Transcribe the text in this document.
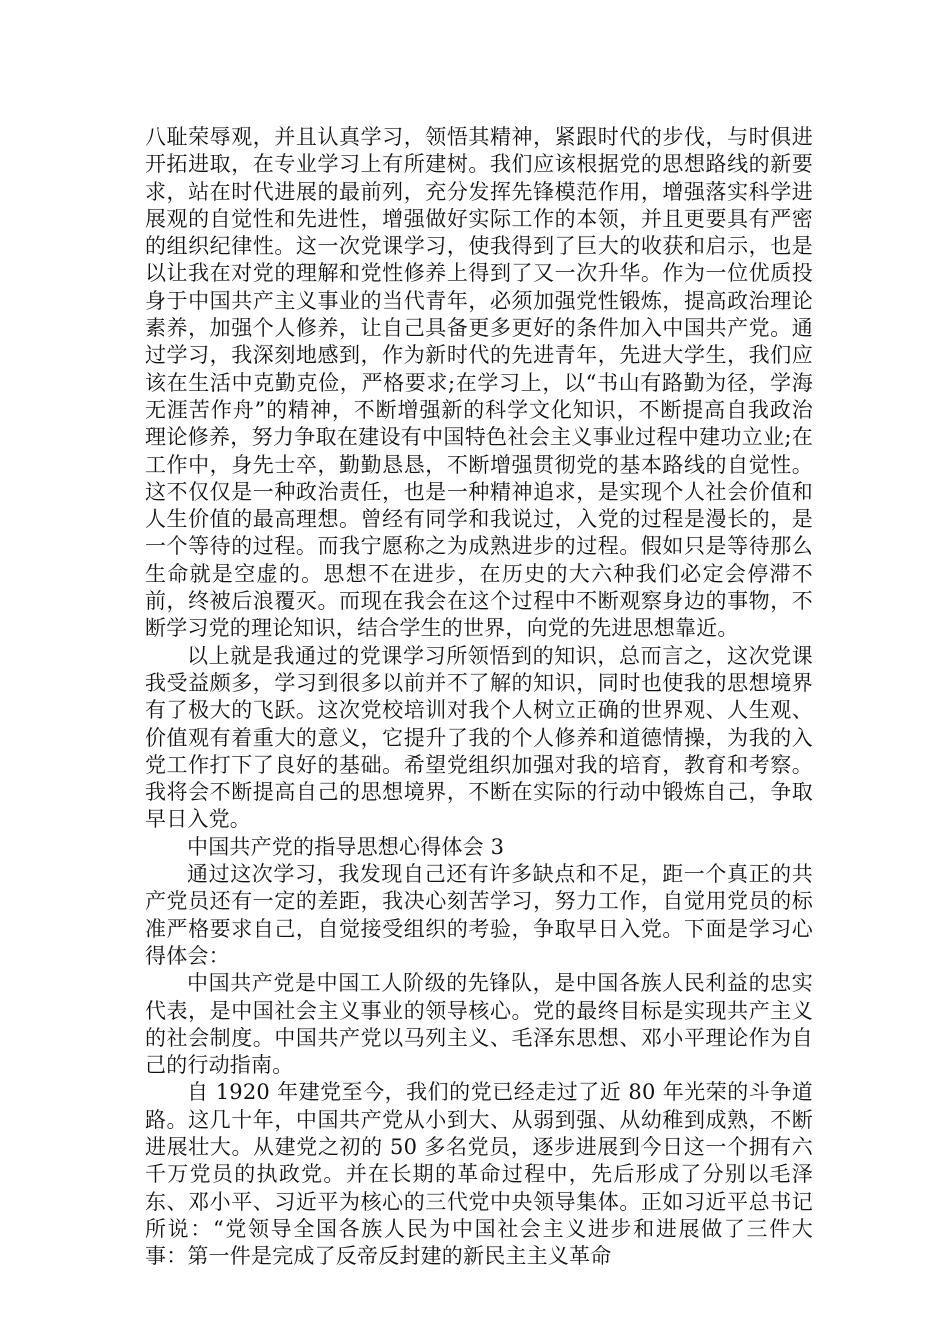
八耻荣辱观，并且认真学习，领悟其精神，紧跟时代的步伐，与时俱进开拓进取，在专业学习上有所建树。我们应该根据党的思想路线的新要求，站在时代进展的最前列，充分发挥先锋模范作用，增强落实科学进展观的自觉性和先进性，增强做好实际工作的本领，并且更要具有严密的组织纪律性。这一次党课学习，使我得到了巨大的收获和启示，也是以让我在对党的理解和党性修养上得到了又一次升华。作为一位优质投身于中国共产主义事业的当代青年，必须加强党性锻炼，提高政治理论素养，加强个人修养，让自己具备更多更好的条件加入中国共产党。通过学习，我深刻地感到，作为新时代的先进青年，先进大学生，我们应该在生活中克勤克俭，严格要求;在学习上，以“书山有路勤为径，学海无涯苦作舟”的精神，不断增强新的科学文化知识，不断提高自我政治理论修养，努力争取在建设有中国特色社会主义事业过程中建功立业;在工作中，身先士卒，勤勤恳恳，不断增强贯彻党的基本路线的自觉性。这不仅仅是一种政治责任，也是一种精神追求，是实现个人社会价值和人生价值的最高理想。曾经有同学和我说过，入党的过程是漫长的，是一个等待的过程。而我宁愿称之为成熟进步的过程。假如只是等待那么生命就是空虚的。思想不在进步，在历史的大六种我们必定会停滞不前，终被后浪覆灭。而现在我会在这个过程中不断观察身边的事物，不断学习党的理论知识，结合学生的世界，向党的先进思想靠近。

以上就是我通过的党课学习所领悟到的知识，总而言之，这次党课我受益颇多，学习到很多以前并不了解的知识，同时也使我的思想境界有了极大的飞跃。这次党校培训对我个人树立正确的世界观、人生观、价值观有着重大的意义，它提升了我的个人修养和道德情操，为我的入党工作打下了良好的基础。希望党组织加强对我的培育，教育和考察。我将会不断提高自己的思想境界，不断在实际的行动中锻炼自己，争取早日入党。

中国共产党的指导思想心得体会 3

通过这次学习，我发现自己还有许多缺点和不足，距一个真正的共产党员还有一定的差距，我决心刻苦学习，努力工作，自觉用党员的标准严格要求自己，自觉接受组织的考验，争取早日入党。下面是学习心得体会：

中国共产党是中国工人阶级的先锋队，是中国各族人民利益的忠实代表，是中国社会主义事业的领导核心。党的最终目标是实现共产主义的社会制度。中国共产党以马列主义、毛泽东思想、邓小平理论作为自己的行动指南。

自 1920 年建党至今，我们的党已经走过了近 80 年光荣的斗争道路。这几十年，中国共产党从小到大、从弱到强、从幼稚到成熟，不断进展壮大。从建党之初的 50 多名党员，逐步进展到今日这一个拥有六千万党员的执政党。并在长期的革命过程中，先后形成了分别以毛泽东、邓小平、习近平为核心的三代党中央领导集体。正如习近平总书记所说：“党领导全国各族人民为中国社会主义进步和进展做了三件大事：第一件是完成了反帝反封建的新民主主义革命
